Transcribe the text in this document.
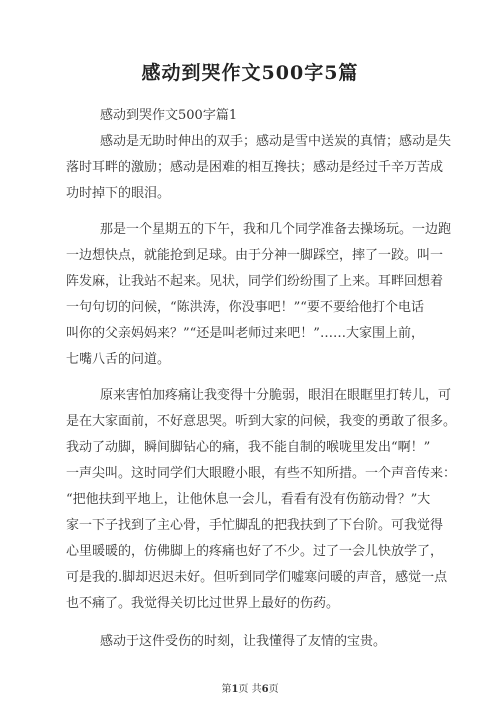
感动到哭作文500字5篇
感动到哭作文500字篇1
感动是无助时伸出的双手；感动是雪中送炭的真情；感动是失
落时耳畔的激励；感动是困难的相互搀扶；感动是经过千辛万苦成
功时掉下的眼泪。
那是一个星期五的下午，我和几个同学准备去操场玩。一边跑
一边想快点，就能抢到足球。由于分神一脚踩空，摔了一跤。叫一
阵发麻，让我站不起来。见状，同学们纷纷围了上来。耳畔回想着
一句句切的问候，“陈洪涛，你没事吧！”“要不要给他打个电话
叫你的父亲妈妈来？”“还是叫老师过来吧！”……大家围上前，
七嘴八舌的问道。
原来害怕加疼痛让我变得十分脆弱，眼泪在眼眶里打转儿，可
是在大家面前，不好意思哭。听到大家的问候，我变的勇敢了很多。
我动了动脚，瞬间脚钻心的痛，我不能自制的喉咙里发出“啊！”
一声尖叫。这时同学们大眼瞪小眼，有些不知所措。一个声音传来：
“把他扶到平地上，让他休息一会儿，看看有没有伤筋动骨？”大
家一下子找到了主心骨，手忙脚乱的把我扶到了下台阶。可我觉得
心里暖暖的，仿佛脚上的疼痛也好了不少。过了一会儿快放学了，
可是我的.脚却迟迟未好。但听到同学们嘘寒问暖的声音，感觉一点
也不痛了。我觉得关切比过世界上最好的伤药。
感动于这件受伤的时刻，让我懂得了友情的宝贵。
第1页 共6页
